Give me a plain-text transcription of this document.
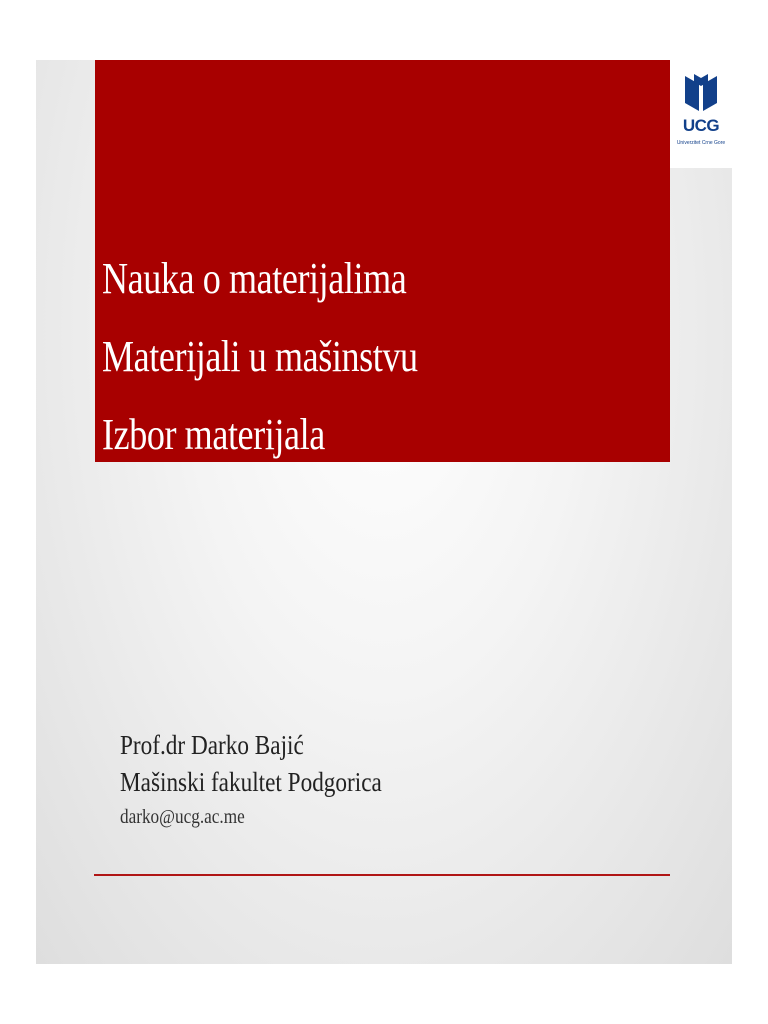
Nauka o materijalima
Materijali u mašinstvu
Izbor materijala
UCG
Univerzitet Crne Gore
Prof.dr Darko Bajić
Mašinski fakultet Podgorica
darko@ucg.ac.me
